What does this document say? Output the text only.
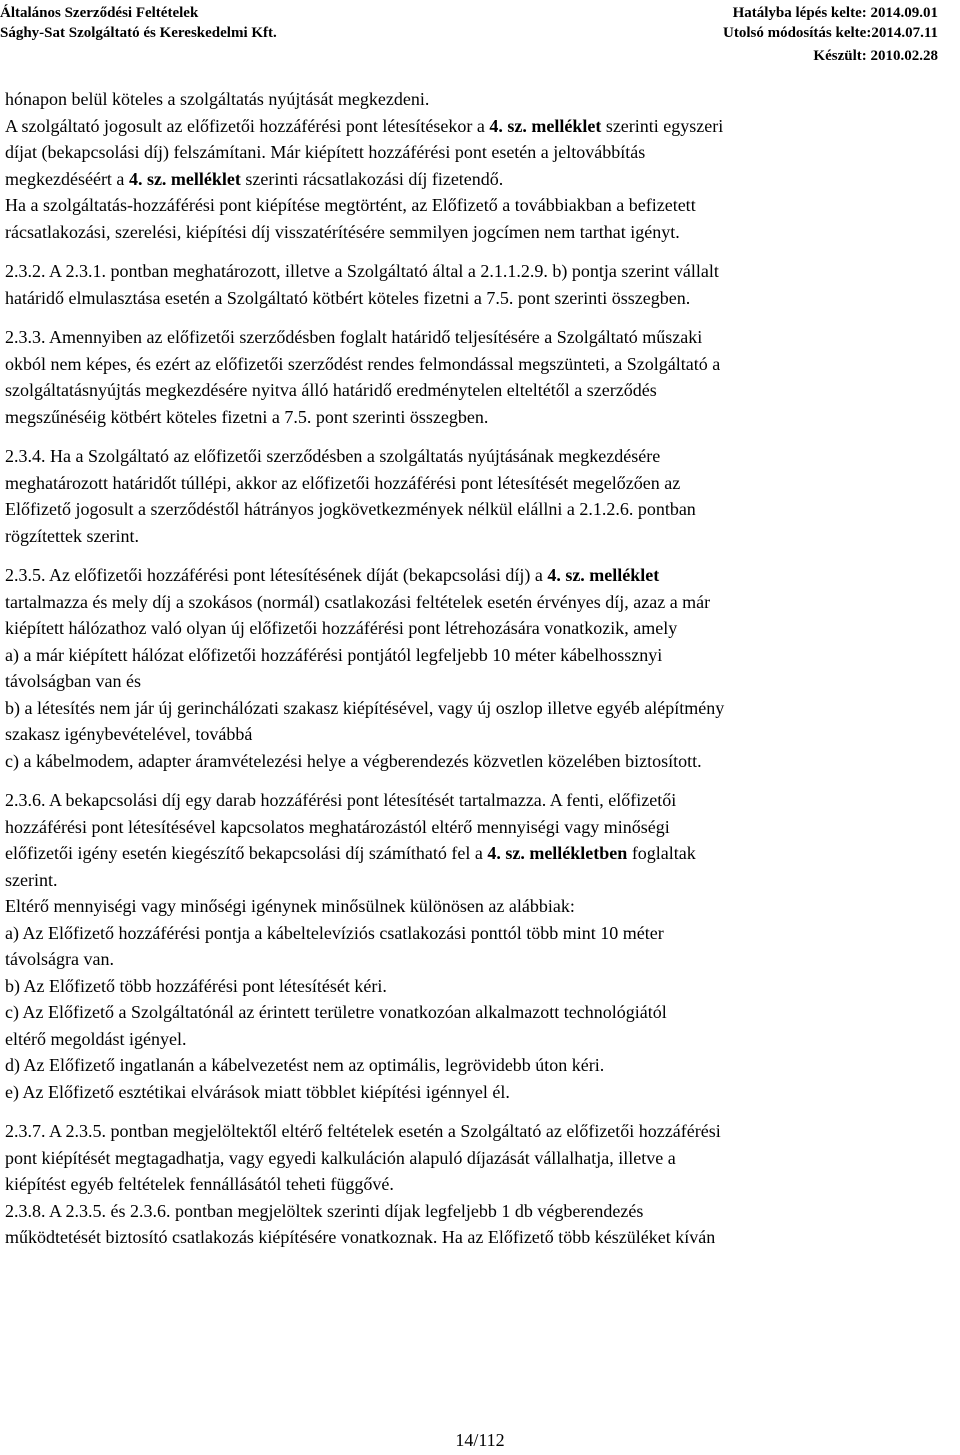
Általános Szerződési Feltételek
Sághy-Sat Szolgáltató és Kereskedelmi Kft.
Hatályba lépés kelte: 2014.09.01
Utolsó módosítás kelte:2014.07.11
Készült: 2010.02.28
hónapon belül köteles a szolgáltatás nyújtását megkezdeni.
A szolgáltató jogosult az előfizetői hozzáférési pont létesítésekor a 4. sz. melléklet szerinti egyszeri
díjat (bekapcsolási díj) felszámítani. Már kiépített hozzáférési pont esetén a jeltovábbítás
megkezdéséért a 4. sz. melléklet szerinti rácsatlakozási díj fizetendő.
Ha a szolgáltatás-hozzáférési pont kiépítése megtörtént, az Előfizető a továbbiakban a befizetett
rácsatlakozási, szerelési, kiépítési díj visszatérítésére semmilyen jogcímen nem tarthat igényt.
2.3.2. A 2.3.1. pontban meghatározott, illetve a Szolgáltató által a 2.1.1.2.9. b) pontja szerint vállalt
határidő elmulasztása esetén a Szolgáltató kötbért köteles fizetni a 7.5. pont szerinti összegben.
2.3.3. Amennyiben az előfizetői szerződésben foglalt határidő teljesítésére a Szolgáltató műszaki
okból nem képes, és ezért az előfizetői szerződést rendes felmondással megszünteti, a Szolgáltató a
szolgáltatásnyújtás megkezdésére nyitva álló határidő eredménytelen elteltétől a szerződés
megszűnéséig kötbért köteles fizetni a 7.5. pont szerinti összegben.
2.3.4. Ha a Szolgáltató az előfizetői szerződésben a szolgáltatás nyújtásának megkezdésére
meghatározott határidőt túllépi, akkor az előfizetői hozzáférési pont létesítését megelőzően az
Előfizető jogosult a szerződéstől hátrányos jogkövetkezmények nélkül elállni a 2.1.2.6. pontban
rögzítettek szerint.
2.3.5. Az előfizetői hozzáférési pont létesítésének díját (bekapcsolási díj) a 4. sz. melléklet
tartalmazza és mely díj a szokásos (normál) csatlakozási feltételek esetén érvényes díj, azaz a már
kiépített hálózathoz való olyan új előfizetői hozzáférési pont létrehozására vonatkozik, amely
a) a már kiépített hálózat előfizetői hozzáférési pontjától legfeljebb 10 méter kábelhossznyi
távolságban van és
b) a létesítés nem jár új gerinchálózati szakasz kiépítésével, vagy új oszlop illetve egyéb alépítmény
szakasz igénybevételével, továbbá
c) a kábelmodem, adapter áramvételezési helye a végberendezés közvetlen közelében biztosított.
2.3.6. A bekapcsolási díj egy darab hozzáférési pont létesítését tartalmazza. A fenti, előfizetői
hozzáférési pont létesítésével kapcsolatos meghatározástól eltérő mennyiségi vagy minőségi
előfizetői igény esetén kiegészítő bekapcsolási díj számítható fel a 4. sz. mellékletben foglaltak
szerint.
Eltérő mennyiségi vagy minőségi igénynek minősülnek különösen az alábbiak:
a) Az Előfizető hozzáférési pontja a kábeltelevíziós csatlakozási ponttól több mint 10 méter
távolságra van.
b) Az Előfizető több hozzáférési pont létesítését kéri.
c) Az Előfizető a Szolgáltatónál az érintett területre vonatkozóan alkalmazott technológiától
eltérő megoldást igényel.
d) Az Előfizető ingatlanán a kábelvezetést nem az optimális, legrövidebb úton kéri.
e) Az Előfizető esztétikai elvárások miatt többlet kiépítési igénnyel él.
2.3.7. A 2.3.5. pontban megjelöltektől eltérő feltételek esetén a Szolgáltató az előfizetői hozzáférési
pont kiépítését megtagadhatja, vagy egyedi kalkuláción alapuló díjazását vállalhatja, illetve a
kiépítést egyéb feltételek fennállásától teheti függővé.
2.3.8. A 2.3.5. és 2.3.6. pontban megjelöltek szerinti díjak legfeljebb 1 db végberendezés
működtetését biztosító csatlakozás kiépítésére vonatkoznak. Ha az Előfizető több készüléket kíván
14/112
